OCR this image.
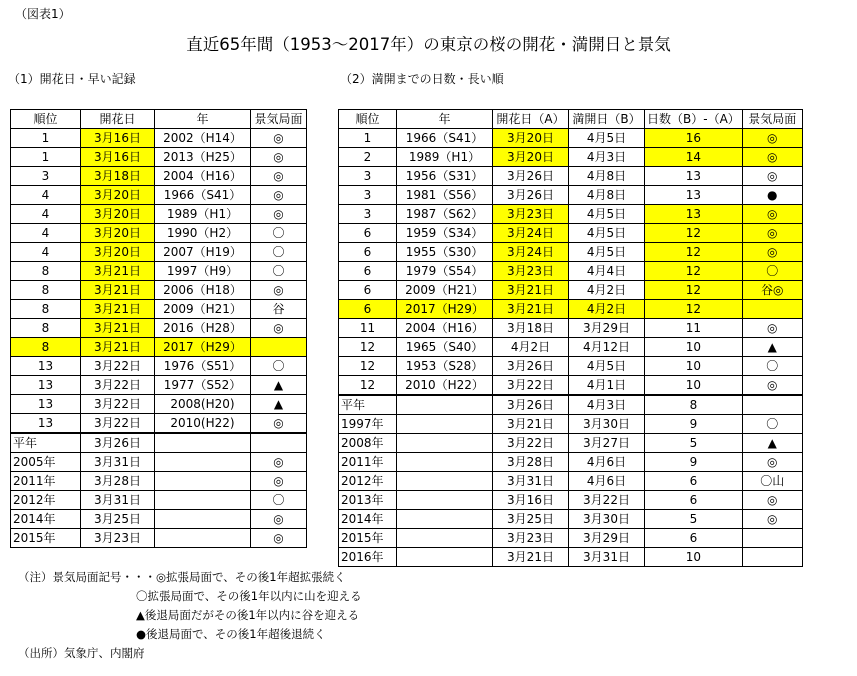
（図表1）
直近65年間（1953～2017年）の東京の桜の開花・満開日と景気
（1）開花日・早い記録	（2）満開までの日数・長い順
順位	開花日	年	景気局面
1	3月16日	2002（H14）	◎
1	3月16日	2013（H25）	◎
3	3月18日	2004（H16）	◎
4	3月20日	1966（S41）	◎
4	3月20日	1989（H1）	◎
4	3月20日	1990（H2）	〇
4	3月20日	2007（H19）	〇
8	3月21日	1997（H9）	〇
8	3月21日	2006（H18）	◎
8	3月21日	2009（H21）	谷
8	3月21日	2016（H28）	◎
8	3月21日	2017（H29）	
13	3月22日	1976（S51）	〇
13	3月22日	1977（S52）	▲
13	3月22日	2008(H20)	▲
13	3月22日	2010(H22)	◎
平年	3月26日		
2005年	3月31日		◎
2011年	3月28日		◎
2012年	3月31日		〇
2014年	3月25日		◎
2015年	3月23日		◎
順位	年	開花日（A）	満開日（B）	日数（B）-（A）	景気局面
1	1966（S41）	3月20日	4月5日	16	◎
2	1989（H1）	3月20日	4月3日	14	◎
3	1956（S31）	3月26日	4月8日	13	◎
3	1981（S56）	3月26日	4月8日	13	●
3	1987（S62）	3月23日	4月5日	13	◎
6	1959（S34）	3月24日	4月5日	12	◎
6	1955（S30）	3月24日	4月5日	12	◎
6	1979（S54）	3月23日	4月4日	12	〇
6	2009（H21）	3月21日	4月2日	12	谷◎
6	2017（H29）	3月21日	4月2日	12	
11	2004（H16）	3月18日	3月29日	11	◎
12	1965（S40）	4月2日	4月12日	10	▲
12	1953（S28）	3月26日	4月5日	10	〇
12	2010（H22）	3月22日	4月1日	10	◎
平年		3月26日	4月3日	8	
1997年		3月21日	3月30日	9	〇
2008年		3月22日	3月27日	5	▲
2011年		3月28日	4月6日	9	◎
2012年		3月31日	4月6日	6	〇山
2013年		3月16日	3月22日	6	◎
2014年		3月25日	3月30日	5	◎
2015年		3月23日	3月29日	6	
2016年		3月21日	3月31日	10	
（注）景気局面記号・・・◎拡張局面で、その後1年超拡張続く
〇拡張局面で、その後1年以内に山を迎える
▲後退局面だがその後1年以内に谷を迎える
●後退局面で、その後1年超後退続く
（出所）気象庁、内閣府
